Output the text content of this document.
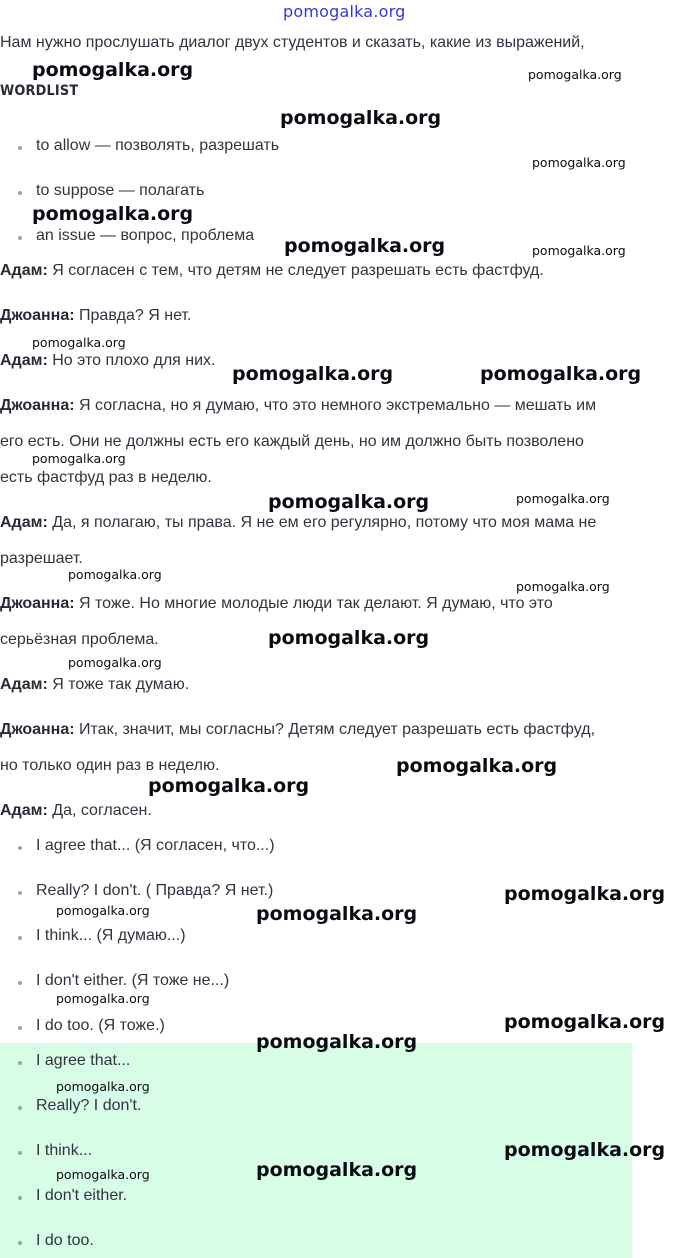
pomogalka.org
Нам нужно прослушать диалог двух студентов и сказать, какие из выражений,
WORDLIST
to allow — позволять, разрешать
to suppose — полагать
an issue — вопрос, проблема
Адам: Я согласен с тем, что детям не следует разрешать есть фастфуд.
Джоанна: Правда? Я нет.
Адам: Но это плохо для них.
Джоанна: Я согласна, но я думаю, что это немного экстремально — мешать им
его есть. Они не должны есть его каждый день, но им должно быть позволено
есть фастфуд раз в неделю.
Адам: Да, я полагаю, ты права. Я не ем его регулярно, потому что моя мама не
разрешает.
Джоанна: Я тоже. Но многие молодые люди так делают. Я думаю, что это
серьёзная проблема.
Адам: Я тоже так думаю.
Джоанна: Итак, значит, мы согласны? Детям следует разрешать есть фастфуд,
но только один раз в неделю.
Адам: Да, согласен.
I agree that... (Я согласен, что...)
Really? I don't. ( Правда? Я нет.)
I think... (Я думаю...)
I don't either. (Я тоже не...)
I do too. (Я тоже.)
I agree that...
Really? I don't.
I think...
I don't either.
I do too.
pomogalka.org	pomogalka.org
pomogalka.org
pomogalka.org
pomogalka.org
pomogalka.org	pomogalka.org
pomogalka.org
pomogalka.org	pomogalka.org
pomogalka.org
pomogalka.org	pomogalka.org
pomogalka.org
pomogalka.org
pomogalka.org
pomogalka.org
pomogalka.org
pomogalka.org
pomogalka.org
pomogalka.org	pomogalka.org
pomogalka.org
pomogalka.org
pomogalka.org
pomogalka.org
pomogalka.org
pomogalka.org	pomogalka.org
